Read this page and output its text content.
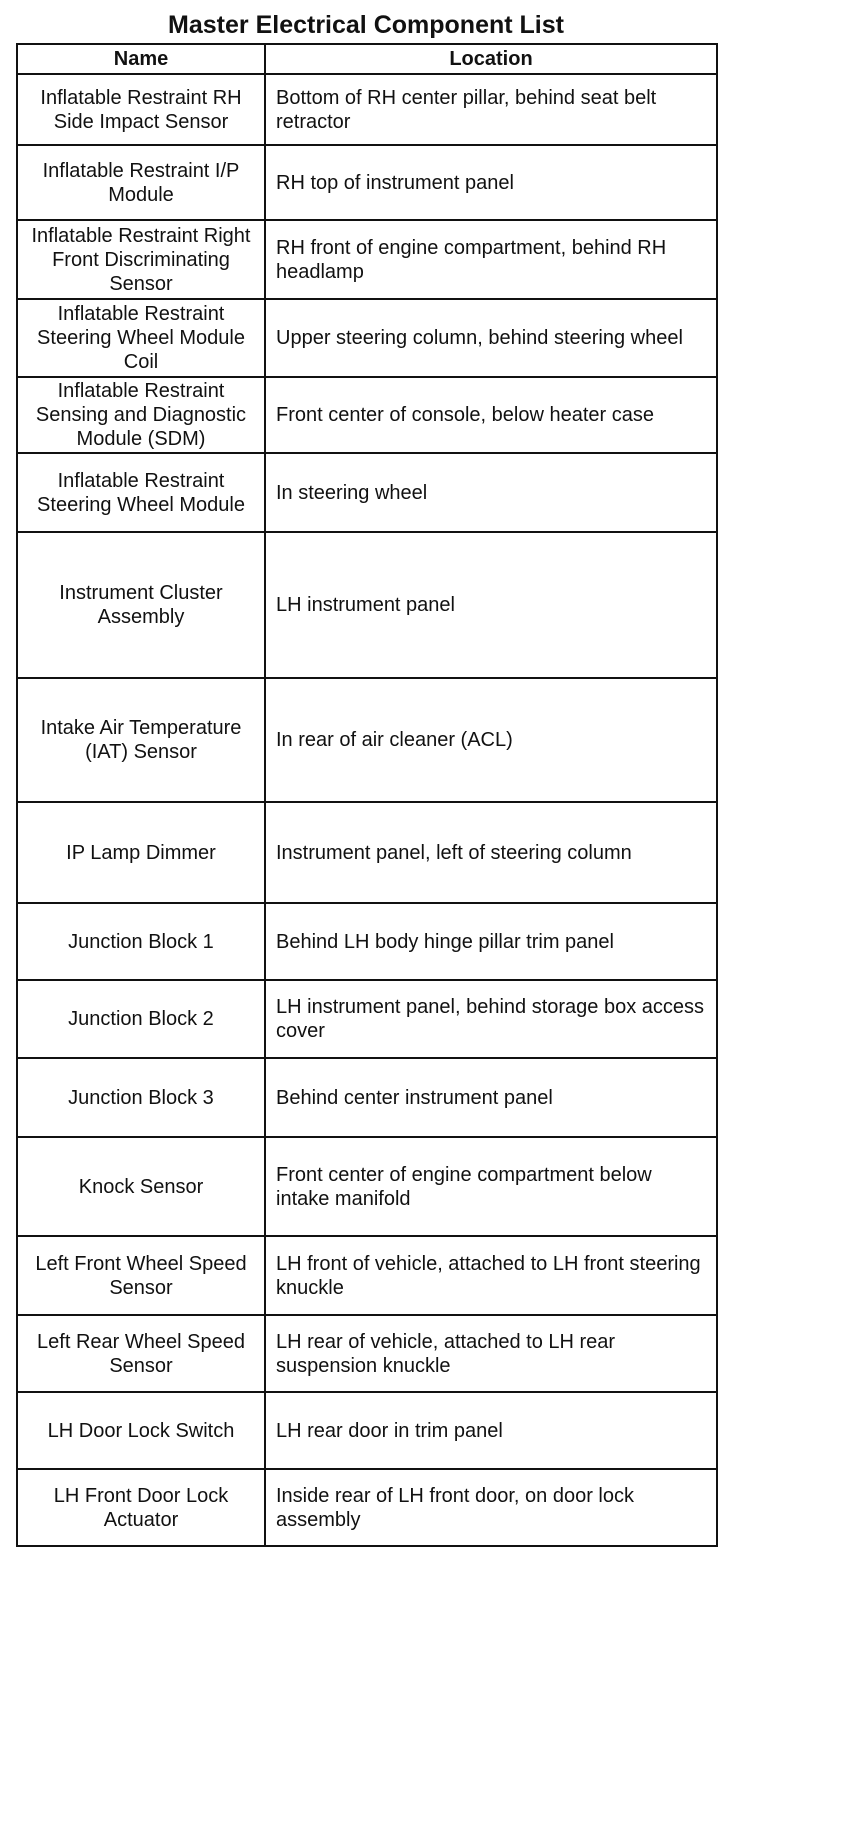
Master Electrical Component List
Name	Location
Inflatable Restraint RH Side Impact Sensor	Bottom of RH center pillar, behind seat belt retractor
Inflatable Restraint I/P Module	RH top of instrument panel
Inflatable Restraint Right Front Discriminating Sensor	RH front of engine compartment, behind RH headlamp
Inflatable Restraint Steering Wheel Module Coil	Upper steering column, behind steering wheel
Inflatable Restraint Sensing and Diagnostic Module (SDM)	Front center of console, below heater case
Inflatable Restraint Steering Wheel Module	In steering wheel
Instrument Cluster Assembly	LH instrument panel
Intake Air Temperature (IAT) Sensor	In rear of air cleaner (ACL)
IP Lamp Dimmer	Instrument panel, left of steering column
Junction Block 1	Behind LH body hinge pillar trim panel
Junction Block 2	LH instrument panel, behind storage box access cover
Junction Block 3	Behind center instrument panel
Knock Sensor	Front center of engine compartment below intake manifold
Left Front Wheel Speed Sensor	LH front of vehicle, attached to LH front steering knuckle
Left Rear Wheel Speed Sensor	LH rear of vehicle, attached to LH rear suspension knuckle
LH Door Lock Switch	LH rear door in trim panel
LH Front Door Lock Actuator	Inside rear of LH front door, on door lock assembly
